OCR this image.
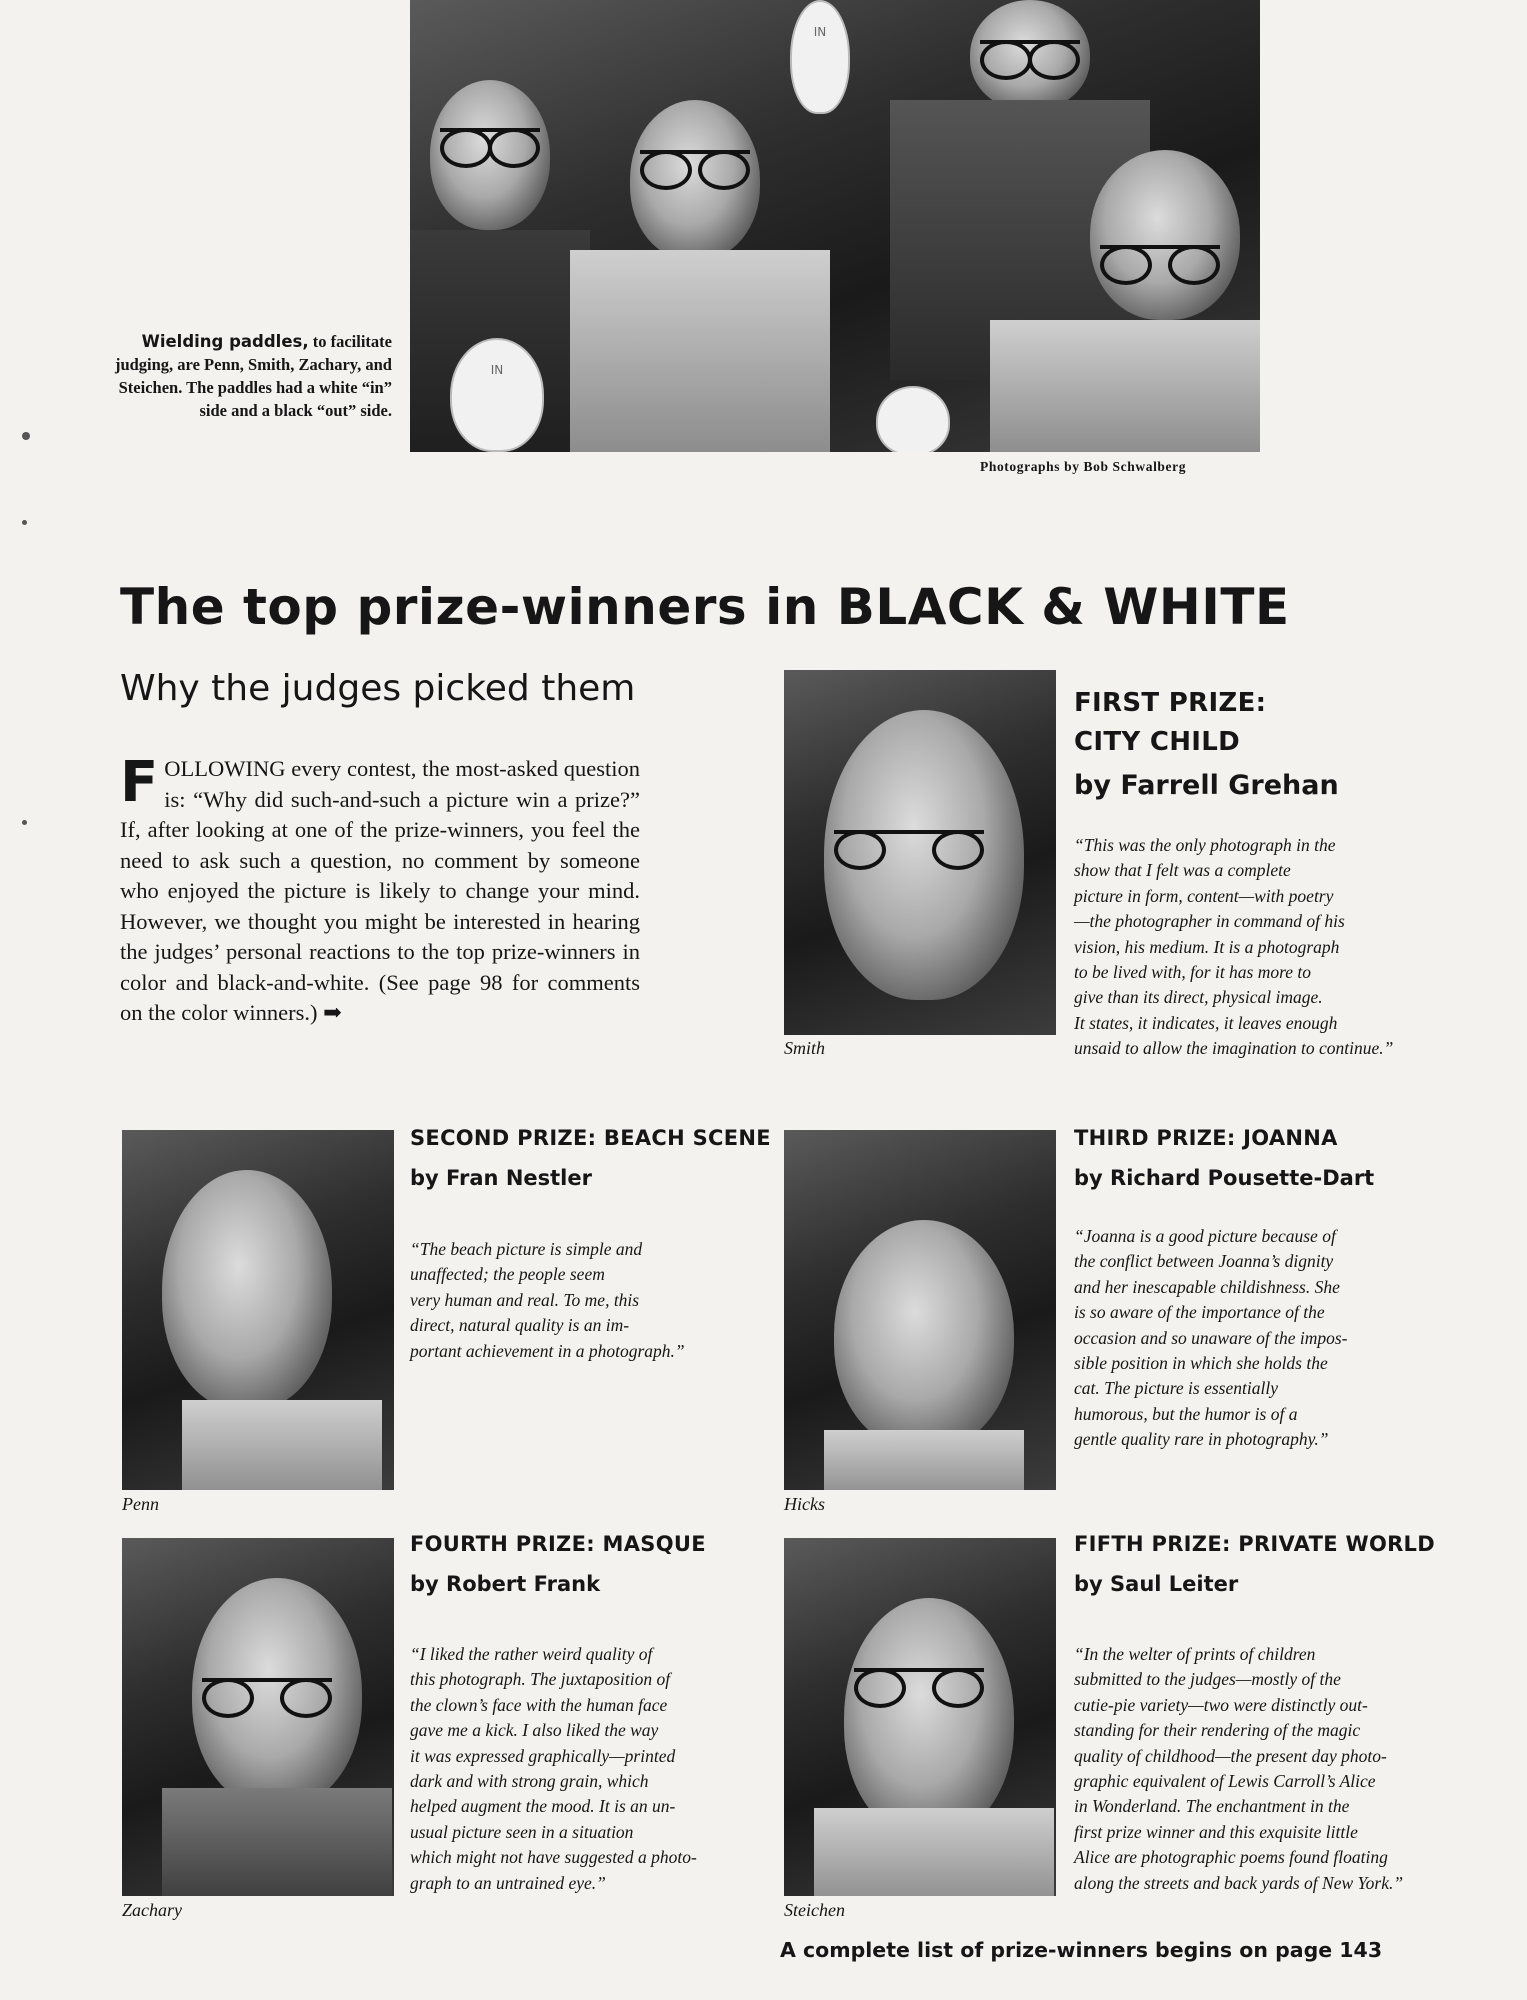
IN
IN
Wielding paddles, to facilitate judging, are Penn, Smith, Zachary, and Steichen. The paddles had a white “in” side and a black “out” side.
Photographs by Bob Schwalberg
The top prize-winners in BLACK & WHITE
Why the judges picked them
FOLLOWING every contest, the most-asked question is: “Why did such-and-such a picture win a prize?” If, after looking at one of the prize-winners, you feel the need to ask such a question, no comment by someone who enjoyed the picture is likely to change your mind. However, we thought you might be interested in hearing the judges’ personal reactions to the top prize-winners in color and black-and-white. (See page 98 for comments on the color winners.) ➡
Smith
FIRST PRIZE:
CITY CHILD
by Farrell Grehan
“This was the only photograph in the
show that I felt was a complete
picture in form, content—with poetry
—the photographer in command of his
vision, his medium. It is a photograph
to be lived with, for it has more to
give than its direct, physical image.
It states, it indicates, it leaves enough
unsaid to allow the imagination to continue.”
Penn
SECOND PRIZE: BEACH SCENE
by Fran Nestler
“The beach picture is simple and
unaffected; the people seem
very human and real. To me, this
direct, natural quality is an im-
portant achievement in a photograph.”
Hicks
THIRD PRIZE: JOANNA
by Richard Pousette-Dart
“Joanna is a good picture because of
the conflict between Joanna’s dignity
and her inescapable childishness. She
is so aware of the importance of the
occasion and so unaware of the impos-
sible position in which she holds the
cat. The picture is essentially
humorous, but the humor is of a
gentle quality rare in photography.”
Zachary
FOURTH PRIZE: MASQUE
by Robert Frank
“I liked the rather weird quality of
this photograph. The juxtaposition of
the clown’s face with the human face
gave me a kick. I also liked the way
it was expressed graphically—printed
dark and with strong grain, which
helped augment the mood. It is an un-
usual picture seen in a situation
which might not have suggested a photo-
graph to an untrained eye.”
Steichen
FIFTH PRIZE: PRIVATE WORLD
by Saul Leiter
“In the welter of prints of children
submitted to the judges—mostly of the
cutie-pie variety—two were distinctly out-
standing for their rendering of the magic
quality of childhood—the present day photo-
graphic equivalent of Lewis Carroll’s Alice
in Wonderland. The enchantment in the
first prize winner and this exquisite little
Alice are photographic poems found floating
along the streets and back yards of New York.”
A complete list of prize-winners begins on page 143
